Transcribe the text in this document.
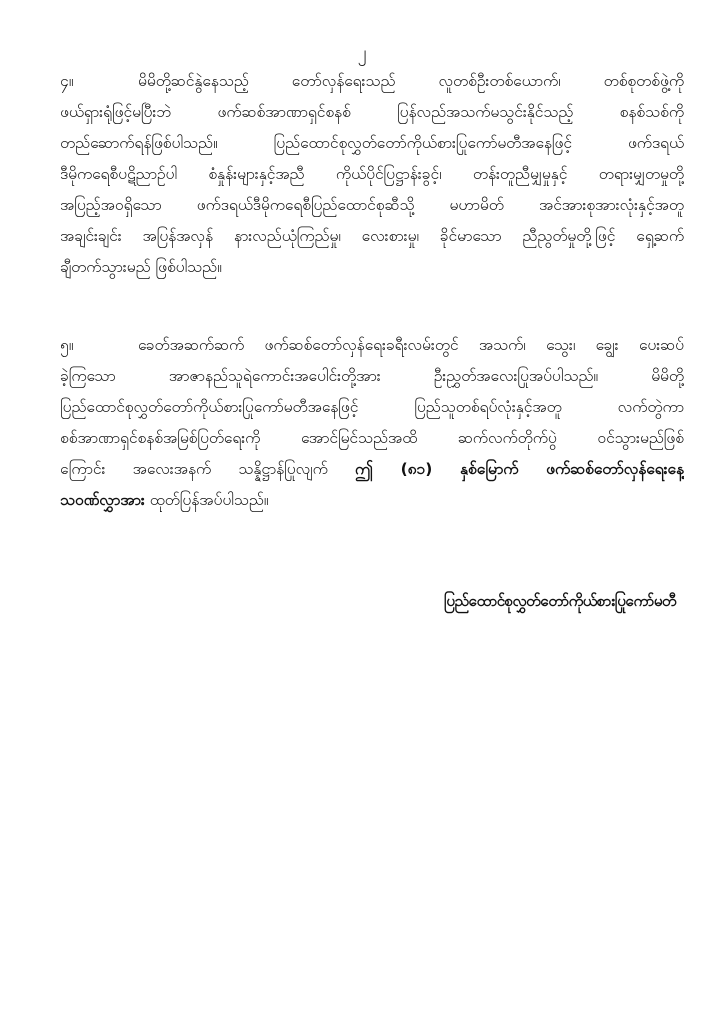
၂
၄။	မိမိတို့ဆင်နွဲနေသည့် တော်လှန်ရေးသည် လူတစ်ဦးတစ်ယောက်၊ တစ်စုတစ်ဖွဲ့ကို
ဖယ်ရှားရုံဖြင့်မပြီးဘဲ ဖက်ဆစ်အာဏာရှင်စနစ် ပြန်လည်အသက်မသွင်းနိုင်သည့် စနစ်သစ်ကို
တည်ဆောက်ရန်ဖြစ်ပါသည်။ ပြည်ထောင်စုလွှတ်တော်ကိုယ်စားပြုကော်မတီအနေဖြင့် ဖက်ဒရယ်
ဒီမိုကရေစီပဋိညာဉ်ပါ စံနှုန်းများနှင့်အညီ ကိုယ်ပိုင်ပြဋ္ဌာန်းခွင့်၊ တန်းတူညီမျှမှုနှင့် တရားမျှတမှုတို့
အပြည့်အဝရှိသော ဖက်ဒရယ်ဒီမိုကရေစီပြည်ထောင်စုဆီသို့ မဟာမိတ် အင်အားစုအားလုံးနှင့်အတူ
အချင်းချင်း အပြန်အလှန် နားလည်ယုံကြည်မှု၊ လေးစားမှု၊ ခိုင်မာသော ညီညွတ်မှုတို့ဖြင့် ရှေ့ဆက်
ချီတက်သွားမည် ဖြစ်ပါသည်။
၅။	ခေတ်အဆက်ဆက် ဖက်ဆစ်တော်လှန်ရေးခရီးလမ်းတွင် အသက်၊ သွေး၊ ချွေး ပေးဆပ်
ခဲ့ကြသော အာဇာနည်သူရဲကောင်းအပေါင်းတို့အား ဦးညွှတ်အလေးပြုအပ်ပါသည်။ မိမိတို့
ပြည်ထောင်စုလွှတ်တော်ကိုယ်စားပြုကော်မတီအနေဖြင့် ပြည်သူတစ်ရပ်လုံးနှင့်အတူ လက်တွဲကာ
စစ်အာဏာရှင်စနစ်အမြစ်ပြတ်ရေးကို အောင်မြင်သည်အထိ ဆက်လက်တိုက်ပွဲ ဝင်သွားမည်ဖြစ်
ကြောင်း အလေးအနက် သန္နိဋ္ဌာန်ပြုလျက် ဤ (၈၁) နှစ်မြောက် ဖက်ဆစ်တော်လှန်ရေးနေ့
သဝဏ်လွှာအား ထုတ်ပြန်အပ်ပါသည်။
ပြည်ထောင်စုလွှတ်တော်ကိုယ်စားပြုကော်မတီ
